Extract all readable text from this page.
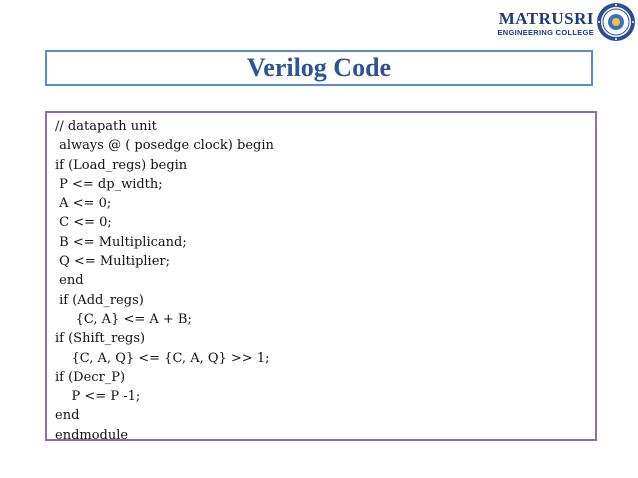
MATRUSRI
ENGINEERING COLLEGE
Verilog Code
// datapath unit
always @ ( posedge clock) begin
if (Load_regs) begin
P <= dp_width;
A <= 0;
C <= 0;
B <= Multiplicand;
Q <= Multiplier;
end
if (Add_regs)
{C, A} <= A + B;
if (Shift_regs)
{C, A, Q} <= {C, A, Q} >> 1;
if (Decr_P)
P <= P -1;
end
endmodule
